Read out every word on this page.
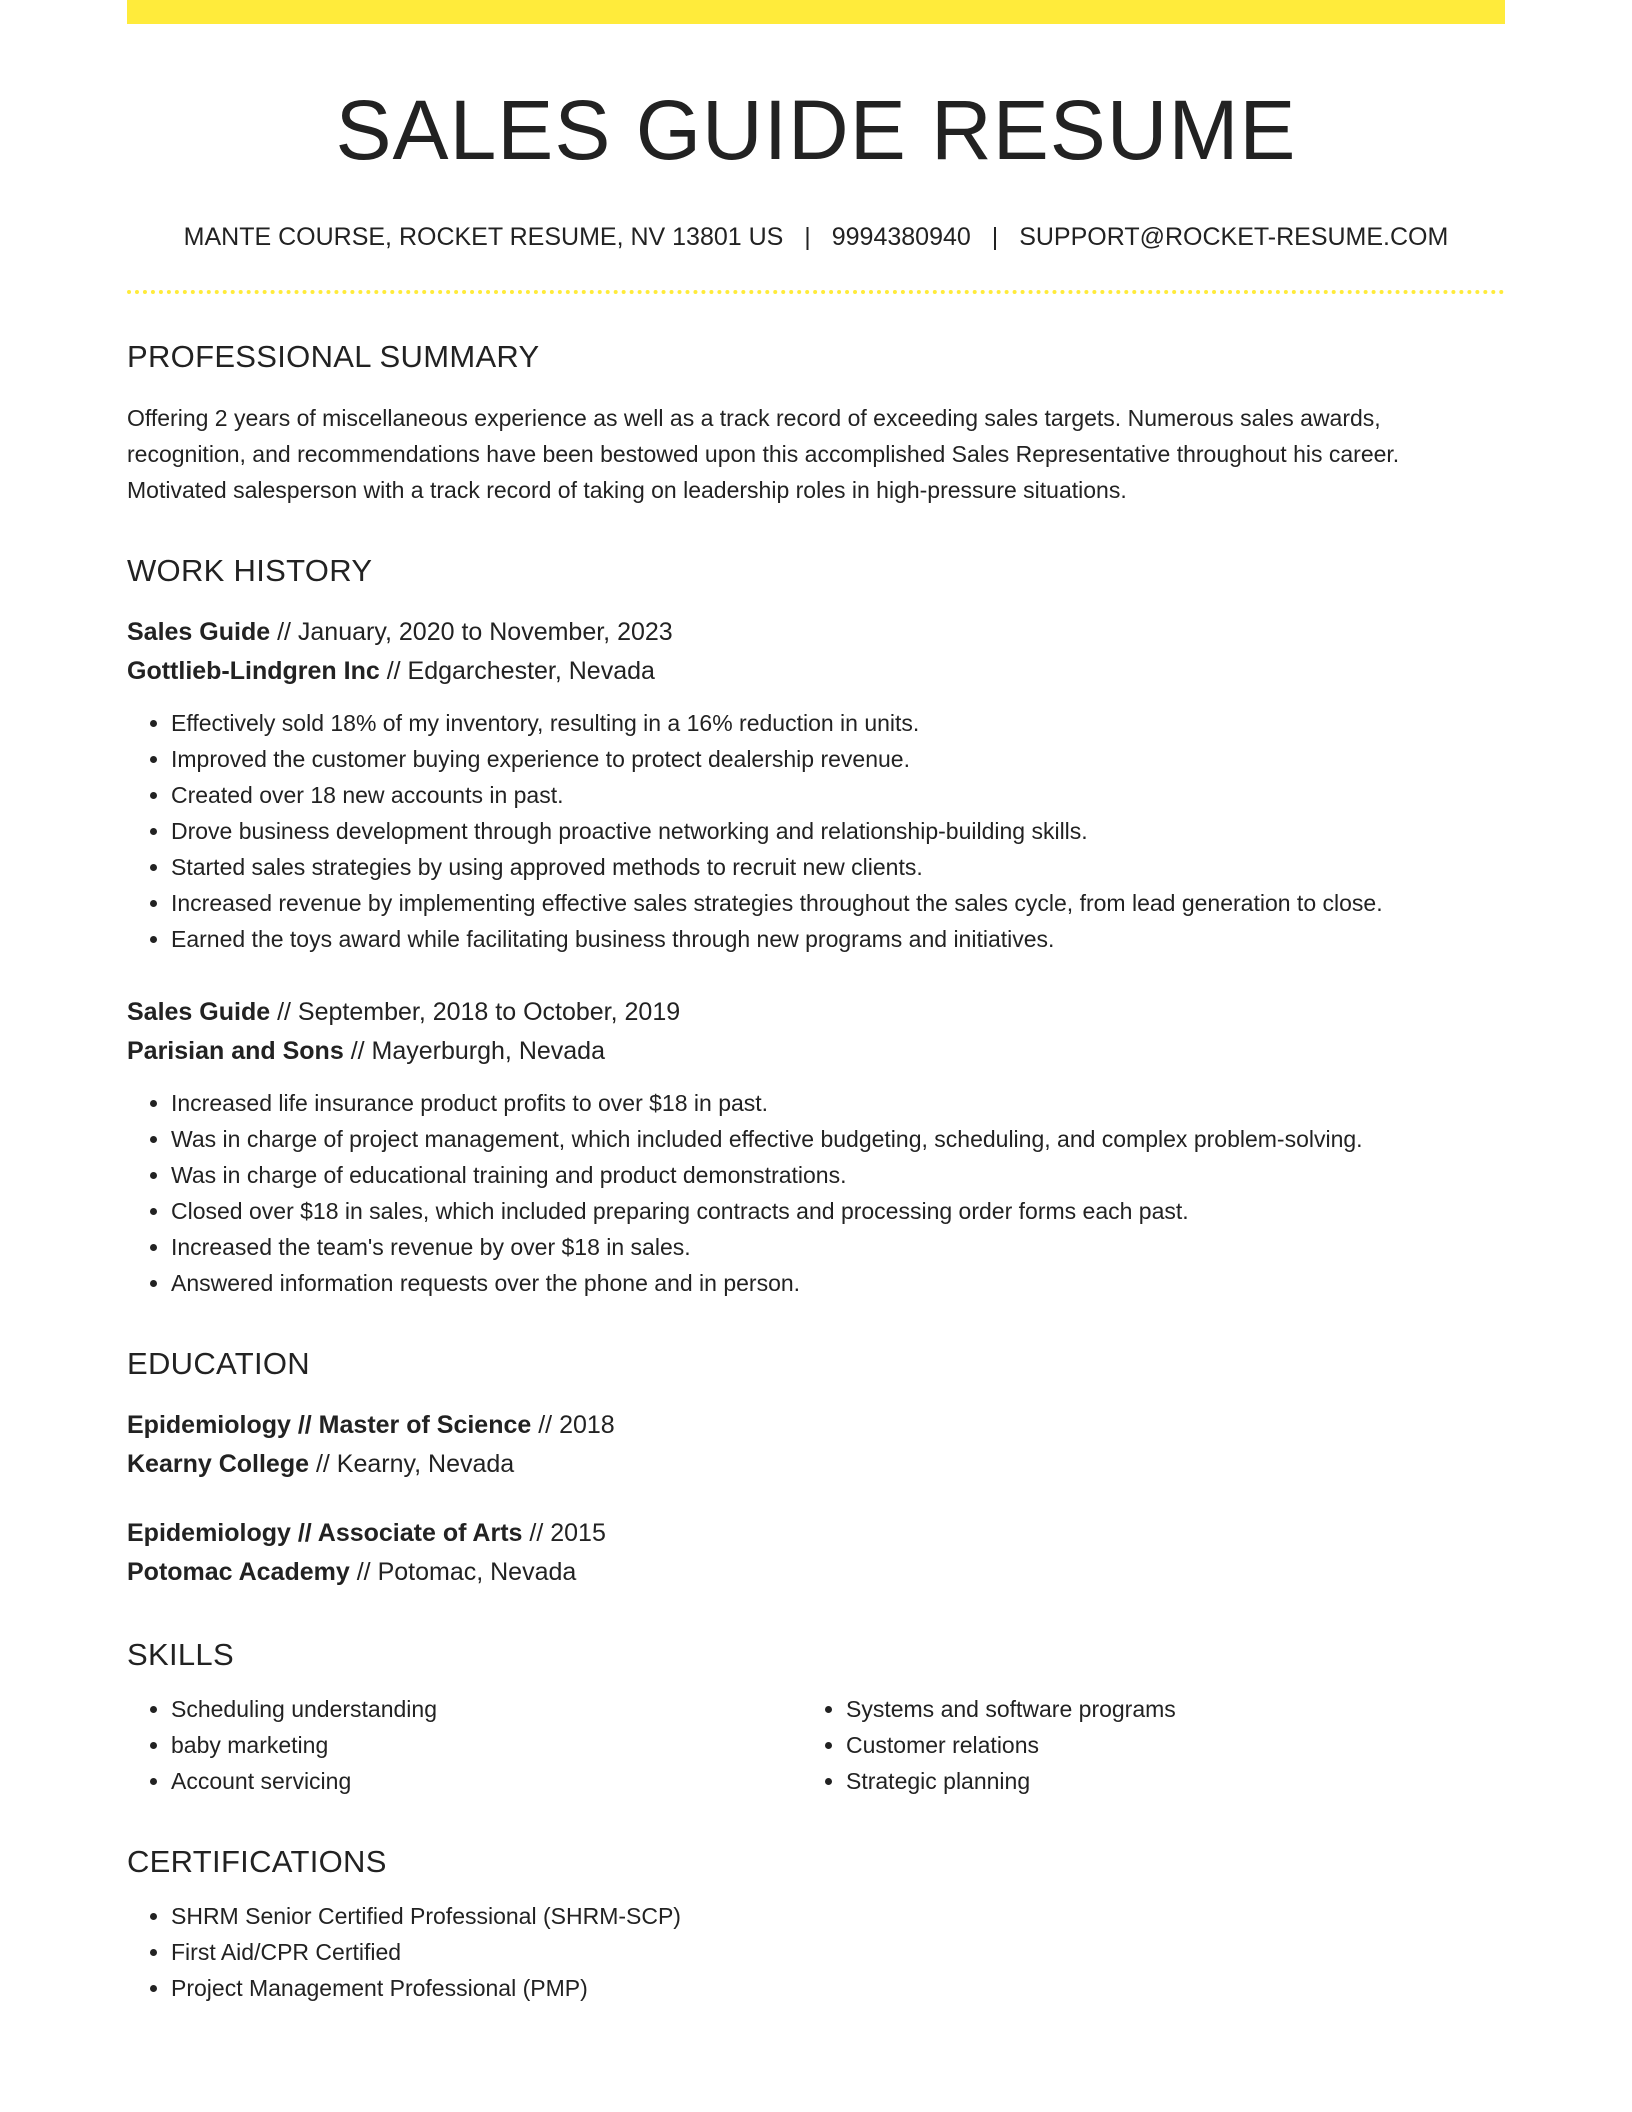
SALES GUIDE RESUME
MANTE COURSE, ROCKET RESUME, NV 13801 US | 9994380940 | SUPPORT@ROCKET-RESUME.COM
PROFESSIONAL SUMMARY
Offering 2 years of miscellaneous experience as well as a track record of exceeding sales targets. Numerous sales awards, recognition, and recommendations have been bestowed upon this accomplished Sales Representative throughout his career. Motivated salesperson with a track record of taking on leadership roles in high-pressure situations.
WORK HISTORY
Sales Guide // January, 2020 to November, 2023
Gottlieb-Lindgren Inc // Edgarchester, Nevada
• Effectively sold 18% of my inventory, resulting in a 16% reduction in units.
• Improved the customer buying experience to protect dealership revenue.
• Created over 18 new accounts in past.
• Drove business development through proactive networking and relationship-building skills.
• Started sales strategies by using approved methods to recruit new clients.
• Increased revenue by implementing effective sales strategies throughout the sales cycle, from lead generation to close.
• Earned the toys award while facilitating business through new programs and initiatives.
Sales Guide // September, 2018 to October, 2019
Parisian and Sons // Mayerburgh, Nevada
• Increased life insurance product profits to over $18 in past.
• Was in charge of project management, which included effective budgeting, scheduling, and complex problem-solving.
• Was in charge of educational training and product demonstrations.
• Closed over $18 in sales, which included preparing contracts and processing order forms each past.
• Increased the team's revenue by over $18 in sales.
• Answered information requests over the phone and in person.
EDUCATION
Epidemiology // Master of Science // 2018
Kearny College // Kearny, Nevada
Epidemiology // Associate of Arts // 2015
Potomac Academy // Potomac, Nevada
SKILLS
• Scheduling understanding
• baby marketing
• Account servicing
• Systems and software programs
• Customer relations
• Strategic planning
CERTIFICATIONS
• SHRM Senior Certified Professional (SHRM-SCP)
• First Aid/CPR Certified
• Project Management Professional (PMP)
